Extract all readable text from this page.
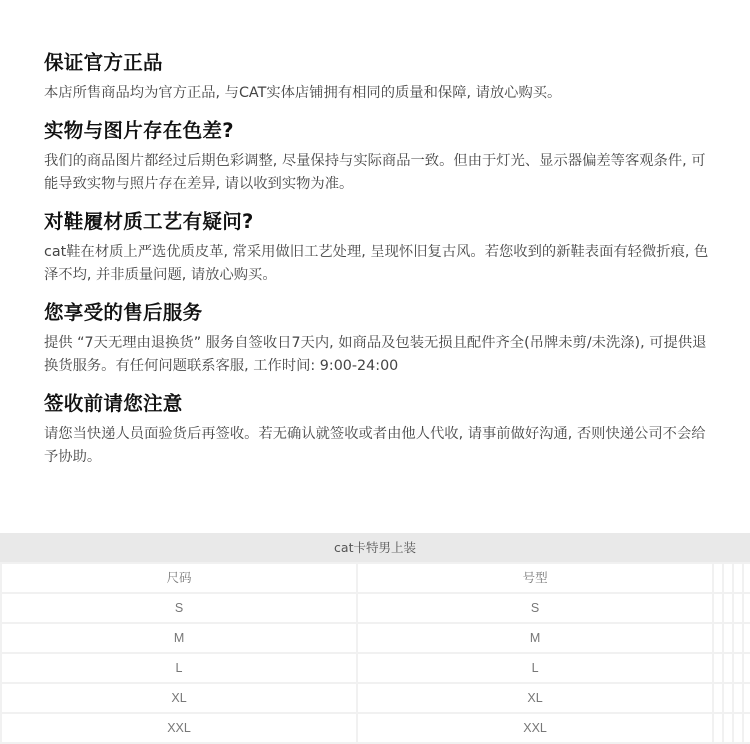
保证官方正品

本店所售商品均为官方正品, 与CAT实体店铺拥有相同的质量和保障, 请放心购买。

实物与图片存在色差?

我们的商品图片都经过后期色彩调整, 尽量保持与实际商品一致。但由于灯光、显示器偏差等客观条件, 可能导致实物与照片存在差异, 请以收到实物为准。

对鞋履材质工艺有疑问?

cat鞋在材质上严选优质皮革, 常采用做旧工艺处理, 呈现怀旧复古风。若您收到的新鞋表面有轻微折痕, 色泽不均, 并非质量问题, 请放心购买。

您享受的售后服务

提供 “7天无理由退换货” 服务自签收日7天内, 如商品及包装无损且配件齐全(吊牌未剪/未洗涤), 可提供退换货服务。有任何问题联系客服, 工作时间: 9:00-24:00

签收前请您注意

请您当快递人员面验货后再签收。若无确认就签收或者由他人代收, 请事前做好沟通, 否则快递公司不会给予协助。

cat卡特男上装
尺码	号型
S	S
M	M
L	L
XL	XL
XXL	XXL
